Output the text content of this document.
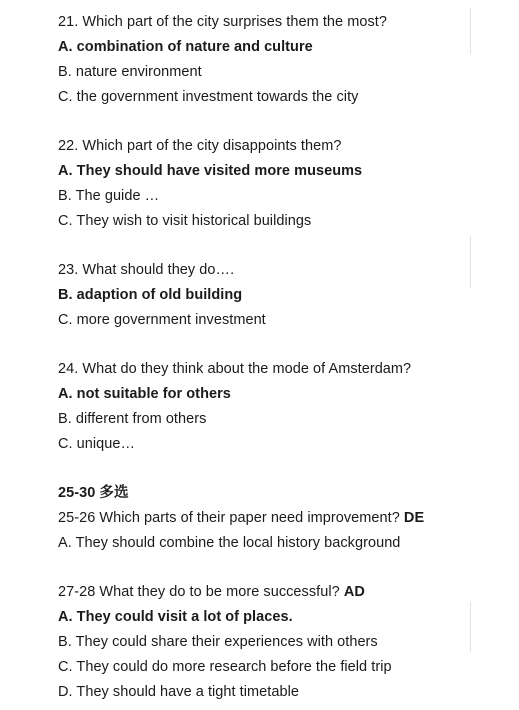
21. Which part of the city surprises them the most?
A. combination of nature and culture
B. nature environment
C. the government investment towards the city
22. Which part of the city disappoints them?
A. They should have visited more museums
B. The guide …
C. They wish to visit historical buildings
23. What should they do….
B. adaption of old building
C. more government investment
24. What do they think about the mode of Amsterdam?
A. not suitable for others
B. different from others
C. unique…
25-30 多选
25-26 Which parts of their paper need improvement? DE
A. They should combine the local history background
27-28 What they do to be more successful? AD
A. They could visit a lot of places.
B. They could share their experiences with others
C. They could do more research before the field trip
D. They should have a tight timetable
